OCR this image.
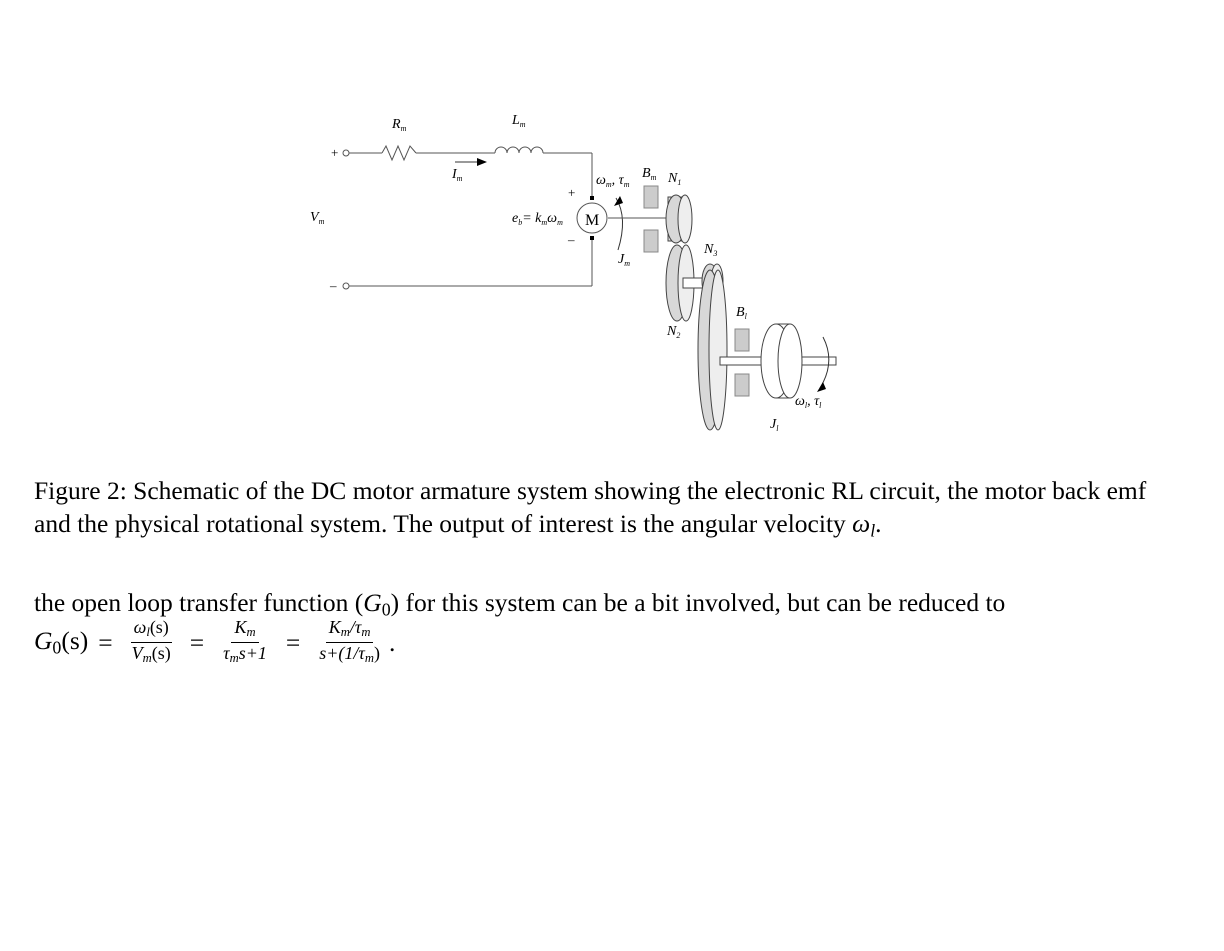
$R_m$
$L_m$
$I_m$
$V_m$
+
–
+
–
M
$e_b= k_m\omega_m$
$\omega_m$, $\tau_m$
$J_m$
$B_m$ $N_1$
$N_2$
$N_3$
$B_l$
$\omega_l$, $\tau_l$
$J_l$

Figure 2: Schematic of the DC motor armature system showing the electronic RL circuit, the motor back emf and the physical rotational system. The output of interest is the angular velocity $\omega_l$.

the open loop transfer function $(G_0)$ for this system can be a bit involved, but can be reduced to

$G_0(s) = \frac{\omega_l(s)}{V_m(s)} = \frac{K_m}{\tau_ms+1} = \frac{K_m/\tau_m}{s+(1/\tau_m)}$ .
